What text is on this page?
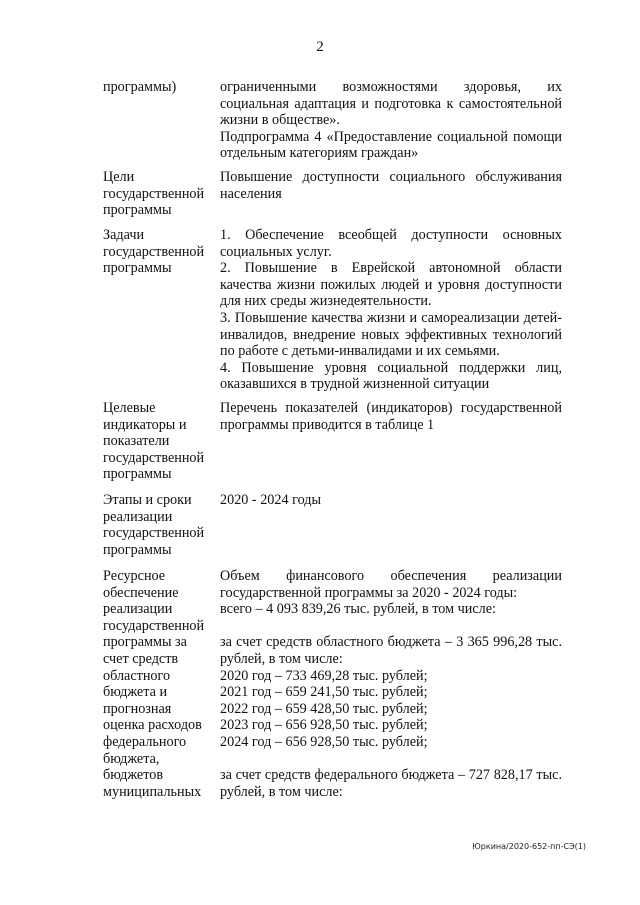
2
программы)	ограниченными возможностями здоровья, их социальная адаптация и подготовка к самостоятельной жизни в обществе».

Подпрограмма 4 «Предоставление социальной помощи отдельным категориям граждан»

Цели государственной программы

Повышение доступности социального обслуживания населения

Задачи государственной программы

1. Обеспечение всеобщей доступности основных социальных услуг.

2. Повышение в Еврейской автономной области качества жизни пожилых людей и уровня доступности для них среды жизнедеятельности.

3. Повышение качества жизни и самореализации детей-инвалидов, внедрение новых эффективных технологий по работе с детьми-инвалидами и их семьями.

4. Повышение уровня социальной поддержки лиц, оказавшихся в трудной жизненной ситуации

Целевые индикаторы и показатели государственной программы

Перечень показателей (индикаторов) государственной программы приводится в таблице 1

Этапы и сроки реализации государственной программы

2020 - 2024 годы

Ресурсное обеспечение реализации государственной программы за счет средств областного бюджета и прогнозная оценка расходов федерального бюджета, бюджетов муниципальных

Объем финансового обеспечения реализации государственной программы за 2020 - 2024 годы:

всего – 4 093 839,26 тыс. рублей, в том числе:

за счет средств областного бюджета – 3 365 996,28 тыс. рублей, в том числе:

2020 год – 733 469,28 тыс. рублей;

2021 год – 659 241,50 тыс. рублей;

2022 год – 659 428,50 тыс. рублей;

2023 год – 656 928,50 тыс. рублей;

2024 год – 656 928,50 тыс. рублей;

за счет средств федерального бюджета – 727 828,17 тыс. рублей, в том числе:

Юркина/2020-652-пп-СЭ(1)
